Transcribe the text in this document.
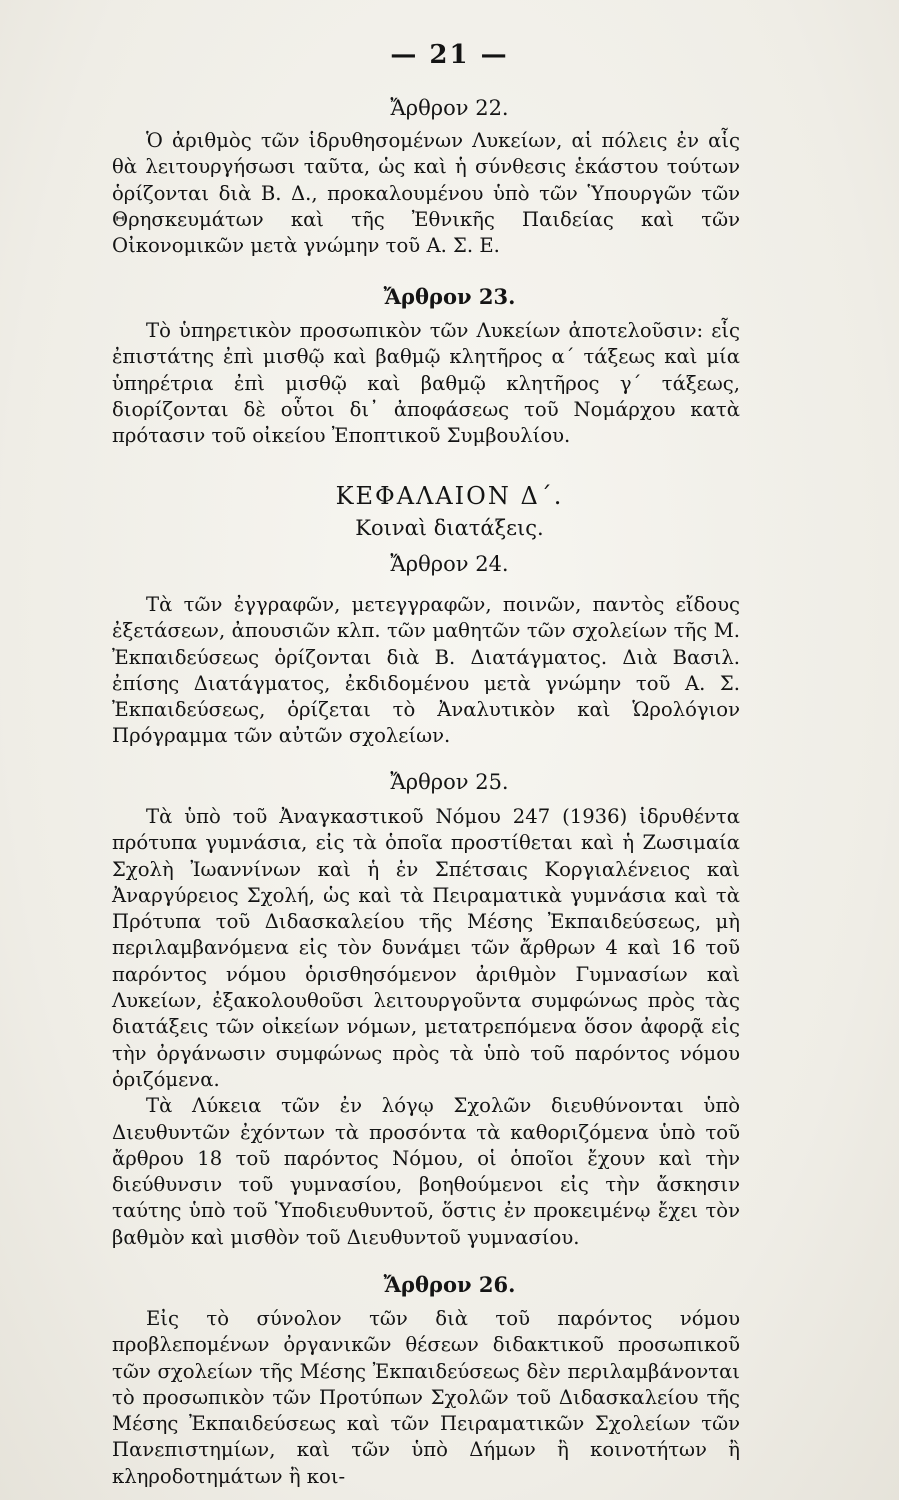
— 21 —
Ἄρθρον 22.

Ὁ ἀριθμὸς τῶν ἱδρυθησομένων Λυκείων, αἱ πόλεις ἐν αἷς θὰ λειτουργήσωσι ταῦτα, ὡς καὶ ἡ σύνθεσις ἑκάστου τούτων ὁρίζονται διὰ Β. Δ., προκαλουμένου ὑπὸ τῶν Ὑπουργῶν τῶν Θρησκευμάτων καὶ τῆς Ἐθνικῆς Παιδείας καὶ τῶν Οἰκονομικῶν μετὰ γνώμην τοῦ Α. Σ. Ε.

Ἄρθρον 23.

Τὸ ὑπηρετικὸν προσωπικὸν τῶν Λυκείων ἀποτελοῦσιν: εἷς ἐπιστάτης ἐπὶ μισθῷ καὶ βαθμῷ κλητῆρος α΄ τάξεως καὶ μία ὑπηρέτρια ἐπὶ μισθῷ καὶ βαθμῷ κλητῆρος γ΄ τάξεως, διορίζονται δὲ οὗτοι δι᾿ ἀποφάσεως τοῦ Νομάρχου κατὰ πρότασιν τοῦ οἰκείου Ἐποπτικοῦ Συμβουλίου.

ΚΕΦΑΛΑΙΟΝ Δ΄.
Κοιναὶ διατάξεις.
Ἄρθρον 24.

Τὰ τῶν ἐγγραφῶν, μετεγγραφῶν, ποινῶν, παντὸς εἴδους ἐξετάσεων, ἀπουσιῶν κλπ. τῶν μαθητῶν τῶν σχολείων τῆς Μ. Ἐκπαιδεύσεως ὁρίζονται διὰ Β. Διατάγματος. Διὰ Βασιλ. ἐπίσης Διατάγματος, ἐκδιδομένου μετὰ γνώμην τοῦ Α. Σ. Ἐκπαιδεύσεως, ὁρίζεται τὸ Ἀναλυτικὸν καὶ Ὡρολόγιον Πρόγραμμα τῶν αὐτῶν σχολείων.

Ἄρθρον 25.

Τὰ ὑπὸ τοῦ Ἀναγκαστικοῦ Νόμου 247 (1936) ἱδρυθέντα πρότυπα γυμνάσια, εἰς τὰ ὁποῖα προστίθεται καὶ ἡ Ζωσιμαία Σχολὴ Ἰωαννίνων καὶ ἡ ἐν Σπέτσαις Κοργιαλένειος καὶ Ἀναργύρειος Σχολή, ὡς καὶ τὰ Πειραματικὰ γυμνάσια καὶ τὰ Πρότυπα τοῦ Διδασκαλείου τῆς Μέσης Ἐκπαιδεύσεως, μὴ περιλαμβανόμενα εἰς τὸν δυνάμει τῶν ἄρθρων 4 καὶ 16 τοῦ παρόντος νόμου ὁρισθησόμενον ἀριθμὸν Γυμνασίων καὶ Λυκείων, ἐξακολουθοῦσι λειτουργοῦντα συμφώνως πρὸς τὰς διατάξεις τῶν οἰκείων νόμων, μετατρεπόμενα ὅσον ἀφορᾷ εἰς τὴν ὀργάνωσιν συμφώνως πρὸς τὰ ὑπὸ τοῦ παρόντος νόμου ὁριζόμενα.

Τὰ Λύκεια τῶν ἐν λόγῳ Σχολῶν διευθύνονται ὑπὸ Διευθυντῶν ἐχόντων τὰ προσόντα τὰ καθοριζόμενα ὑπὸ τοῦ ἄρθρου 18 τοῦ παρόντος Νόμου, οἱ ὁποῖοι ἔχουν καὶ τὴν διεύθυνσιν τοῦ γυμνασίου, βοηθούμενοι εἰς τὴν ἄσκησιν ταύτης ὑπὸ τοῦ Ὑποδιευθυντοῦ, ὅστις ἐν προκειμένῳ ἔχει τὸν βαθμὸν καὶ μισθὸν τοῦ Διευθυντοῦ γυμνασίου.

Ἄρθρον 26.

Εἰς τὸ σύνολον τῶν διὰ τοῦ παρόντος νόμου προβλεπομένων ὀργανικῶν θέσεων διδακτικοῦ προσωπικοῦ τῶν σχολείων τῆς Μέσης Ἐκπαιδεύσεως δὲν περιλαμβάνονται τὸ προσωπικὸν τῶν Προτύπων Σχολῶν τοῦ Διδασκαλείου τῆς Μέσης Ἐκπαιδεύσεως καὶ τῶν Πειραματικῶν Σχολείων τῶν Πανεπιστημίων, καὶ τῶν ὑπὸ Δήμων ἢ κοινοτήτων ἢ κληροδοτημάτων ἢ κοι-
